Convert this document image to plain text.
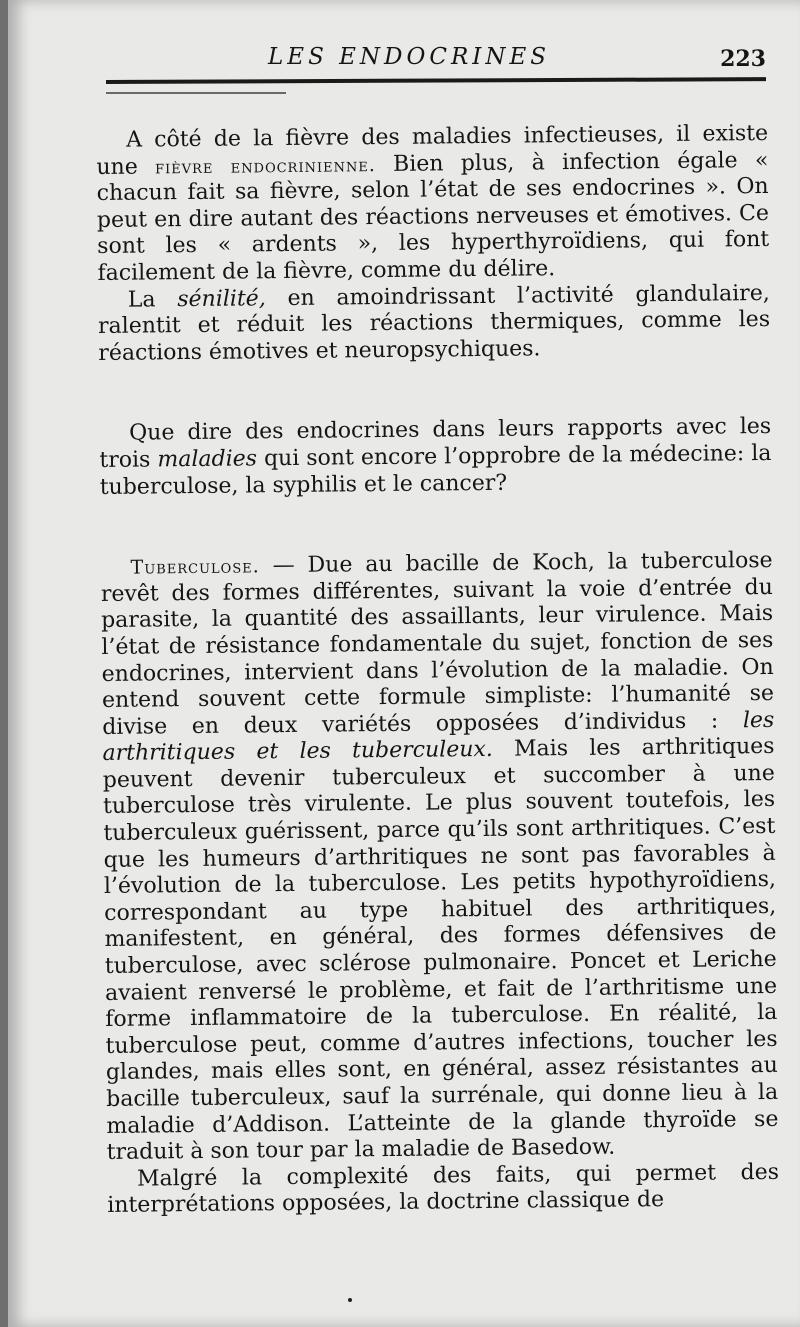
LES ENDOCRINES	223

A côté de la fièvre des maladies infectieuses, il existe une fièvre endocrinienne. Bien plus, à infection égale « chacun fait sa fièvre, selon l’état de ses endocrines ». On peut en dire autant des réactions nerveuses et émotives. Ce sont les « ardents », les hyperthyroïdiens, qui font facilement de la fièvre, comme du délire.

La sénilité, en amoindrissant l’activité glandulaire, ralentit et réduit les réactions thermiques, comme les réactions émotives et neuropsychiques.

Que dire des endocrines dans leurs rapports avec les trois maladies qui sont encore l’opprobre de la médecine: la tuberculose, la syphilis et le cancer?

Tuberculose. — Due au bacille de Koch, la tuberculose revêt des formes différentes, suivant la voie d’entrée du parasite, la quantité des assaillants, leur virulence. Mais l’état de résistance fondamentale du sujet, fonction de ses endocrines, intervient dans l’évolution de la maladie. On entend souvent cette formule simpliste: l’humanité se divise en deux variétés opposées d’individus : les arthritiques et les tuberculeux. Mais les arthritiques peuvent devenir tuberculeux et succomber à une tuberculose très virulente. Le plus souvent toutefois, les tuberculeux guérissent, parce qu’ils sont arthritiques. C’est que les humeurs d’arthritiques ne sont pas favorables à l’évolution de la tuberculose. Les petits hypothyroïdiens, correspondant au type habituel des arthritiques, manifestent, en général, des formes défensives de tuberculose, avec sclérose pulmonaire. Poncet et Leriche avaient renversé le problème, et fait de l’arthritisme une forme inflammatoire de la tuberculose. En réalité, la tuberculose peut, comme d’autres infections, toucher les glandes, mais elles sont, en général, assez résistantes au bacille tuberculeux, sauf la surrénale, qui donne lieu à la maladie d’Addison. L’atteinte de la glande thyroïde se traduit à son tour par la maladie de Basedow.

Malgré la complexité des faits, qui permet des interprétations opposées, la doctrine classique de
